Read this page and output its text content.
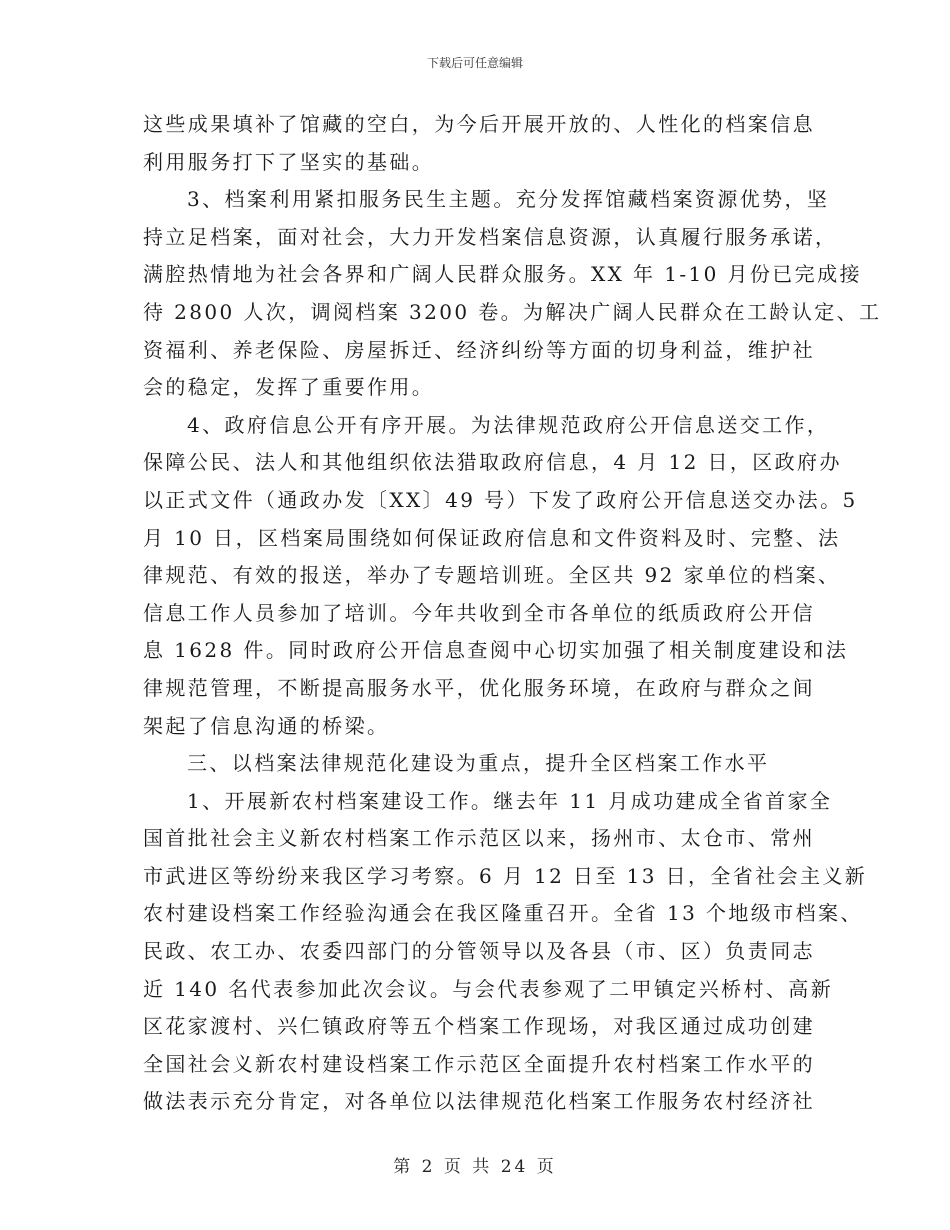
下载后可任意编辑
这些成果填补了馆藏的空白，为今后开展开放的、人性化的档案信息
利用服务打下了坚实的基础。
3、档案利用紧扣服务民生主题。充分发挥馆藏档案资源优势，坚
持立足档案，面对社会，大力开发档案信息资源，认真履行服务承诺，
满腔热情地为社会各界和广阔人民群众服务。XX 年 1-10 月份已完成接
待 2800 人次，调阅档案 3200 卷。为解决广阔人民群众在工龄认定、工
资福利、养老保险、房屋拆迁、经济纠纷等方面的切身利益，维护社
会的稳定，发挥了重要作用。
4、政府信息公开有序开展。为法律规范政府公开信息送交工作，
保障公民、法人和其他组织依法猎取政府信息，4 月 12 日，区政府办
以正式文件（通政办发〔XX〕49 号）下发了政府公开信息送交办法。5
月 10 日，区档案局围绕如何保证政府信息和文件资料及时、完整、法
律规范、有效的报送，举办了专题培训班。全区共 92 家单位的档案、
信息工作人员参加了培训。今年共收到全市各单位的纸质政府公开信
息 1628 件。同时政府公开信息查阅中心切实加强了相关制度建设和法
律规范管理，不断提高服务水平，优化服务环境，在政府与群众之间
架起了信息沟通的桥梁。
三、以档案法律规范化建设为重点，提升全区档案工作水平
1、开展新农村档案建设工作。继去年 11 月成功建成全省首家全
国首批社会主义新农村档案工作示范区以来，扬州市、太仓市、常州
市武进区等纷纷来我区学习考察。6 月 12 日至 13 日，全省社会主义新
农村建设档案工作经验沟通会在我区隆重召开。全省 13 个地级市档案、
民政、农工办、农委四部门的分管领导以及各县（市、区）负责同志
近 140 名代表参加此次会议。与会代表参观了二甲镇定兴桥村、高新
区花家渡村、兴仁镇政府等五个档案工作现场，对我区通过成功创建
全国社会义新农村建设档案工作示范区全面提升农村档案工作水平的
做法表示充分肯定，对各单位以法律规范化档案工作服务农村经济社
第 2 页 共 24 页
